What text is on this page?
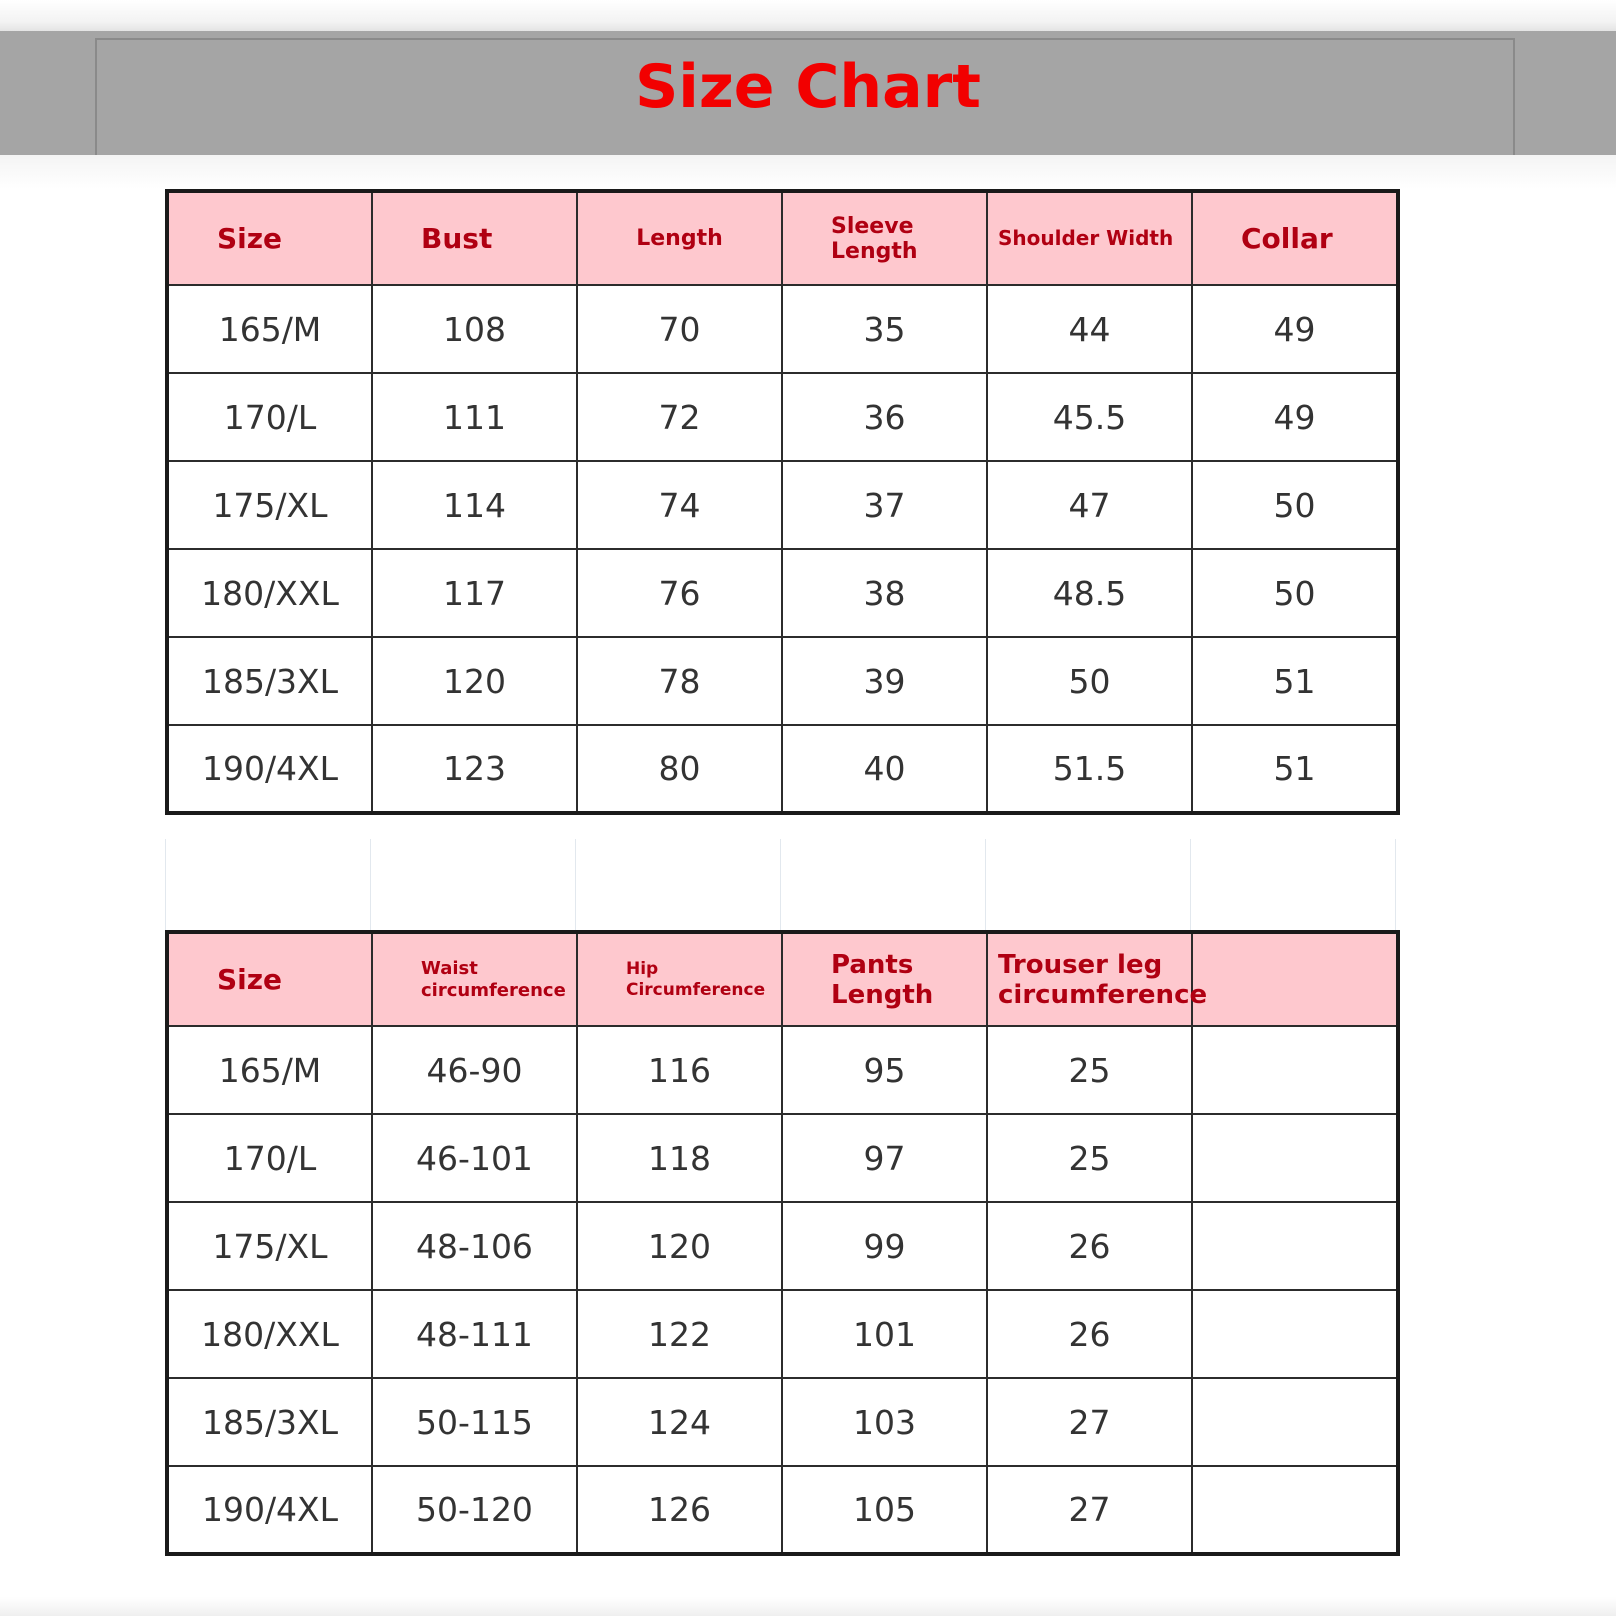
Size Chart
Size	Bust	Length	Sleeve Length	Shoulder Width	Collar
165/M	108	70	35	44	49
170/L	111	72	36	45.5	49
175/XL	114	74	37	47	50
180/XXL	117	76	38	48.5	50
185/3XL	120	78	39	50	51
190/4XL	123	80	40	51.5	51
Size	Waist circumference	Hip Circumference	Pants Length	Trouser leg circumference	
165/M	46-90	116	95	25	
170/L	46-101	118	97	25	
175/XL	48-106	120	99	26	
180/XXL	48-111	122	101	26	
185/3XL	50-115	124	103	27	
190/4XL	50-120	126	105	27	
